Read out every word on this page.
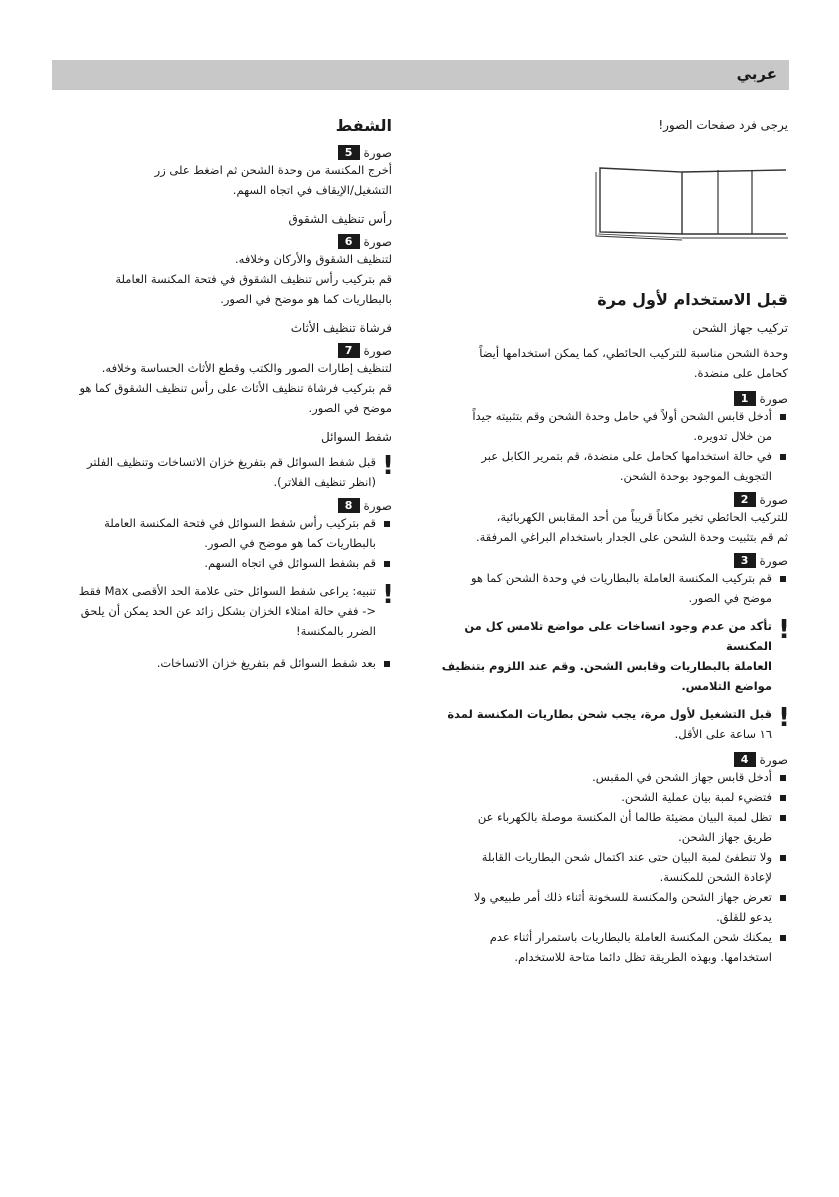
عربي

يرجى فرد صفحات الصور!

قبل الاستخدام لأول مرة

تركيب جهاز الشحن

وحدة الشحن مناسبة للتركيب الحائطي، كما يمكن استخدامها أيضاً

كحامل على منضدة.

صورة
1

أدخل قابس الشحن أولاً في حامل وحدة الشحن وقم بتثبيته جيداً
من خلال تدويره.
في حالة استخدامها كحامل على منضدة، قم بتمرير الكابل عبر
التجويف الموجود بوحدة الشحن.

صورة
2

للتركيب الحائطي تخير مكاناً قريباً من أحد المقابس الكهربائية،

ثم قم بتثبيت وحدة الشحن على الجدار باستخدام البراغي المرفقة.

صورة
3

قم بتركيب المكنسة العاملة بالبطاريات في وحدة الشحن كما هو
موضح في الصور.
!
تأكد من عدم وجود اتساخات على مواضع تلامس كل من المكنسة
العاملة بالبطاريات وقابس الشحن. وقم عند اللزوم بتنظيف
مواضع التلامس.
!
قبل التشغيل لأول مرة، يجب شحن بطاريات المكنسة لمدة
١٦ ساعة على الأقل.

صورة
4

أدخل قابس جهاز الشحن في المقبس.
فتضيء لمبة بيان عملية الشحن.
تظل لمبة البيان مضيئة طالما أن المكنسة موصلة بالكهرباء عن
طريق جهاز الشحن.
ولا تنطفئ لمبة البيان حتى عند اكتمال شحن البطاريات القابلة
لإعادة الشحن للمكنسة.
تعرض جهاز الشحن والمكنسة للسخونة أثناء ذلك أمر طبيعي ولا
يدعو للقلق.
يمكنك شحن المكنسة العاملة بالبطاريات باستمرار أثناء عدم
استخدامها. وبهذه الطريقة تظل دائما متاحة للاستخدام.

الشفط

صورة
5

أخرج المكنسة من وحدة الشحن ثم اضغط على زر

التشغيل/الإيقاف في اتجاه السهم.

رأس تنظيف الشقوق

صورة
6

لتنظيف الشقوق والأركان وخلافه.

قم بتركيب رأس تنظيف الشقوق في فتحة المكنسة العاملة

بالبطاريات كما هو موضح في الصور.

فرشاة تنظيف الأثاث

صورة
7

لتنظيف إطارات الصور والكتب وقطع الأثاث الحساسة وخلافه.

قم بتركيب فرشاة تنظيف الأثاث على رأس تنظيف الشقوق كما هو

موضح في الصور.

شفط السوائل

!
قبل شفط السوائل قم بتفريغ خزان الاتساخات وتنظيف الفلتر
(انظر تنظيف الفلاتر).

صورة
8

قم بتركيب رأس شفط السوائل في فتحة المكنسة العاملة
بالبطاريات كما هو موضح في الصور.
قم بشفط السوائل في اتجاه السهم.
!
تنبيه: يراعى شفط السوائل حتى علامة الحد الأقصى Max فقط
<- ففي حالة امتلاء الخزان بشكل زائد عن الحد يمكن أن يلحق
الضرر بالمكنسة!
بعد شفط السوائل قم بتفريغ خزان الاتساخات.
